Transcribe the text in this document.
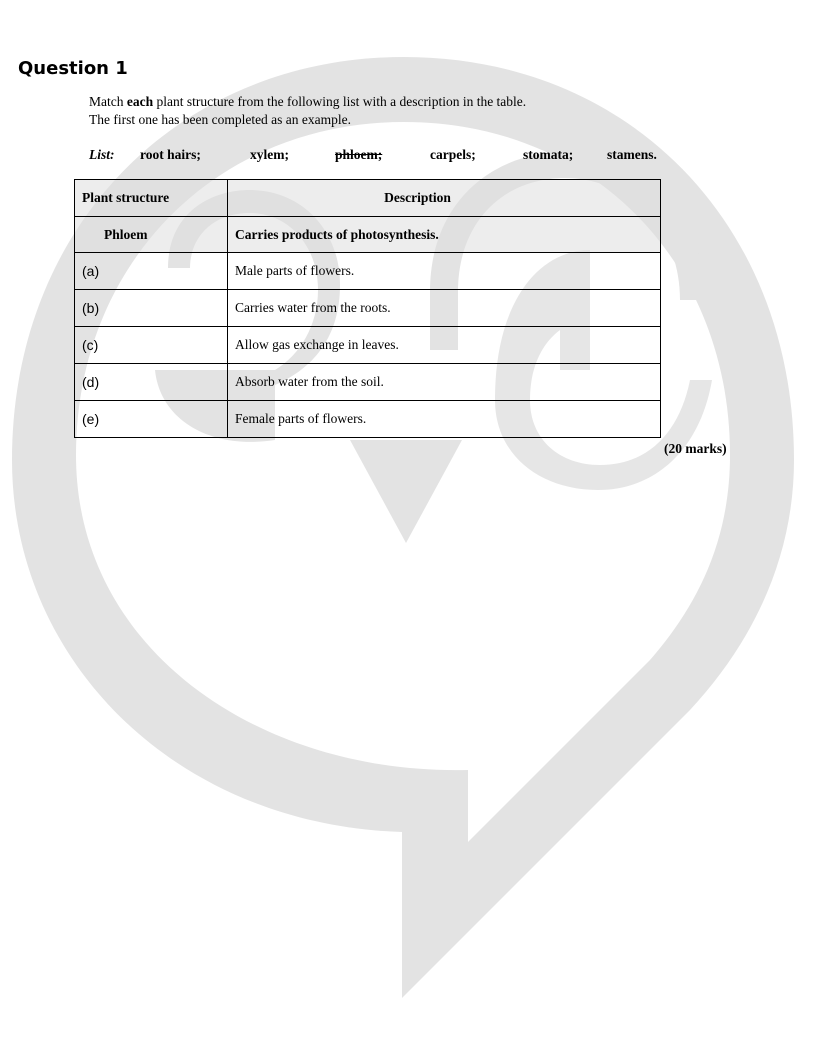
Question 1
Match each plant structure from the following list with a description in the table.
The first one has been completed as an example.
List: root hairs;	xylem;	phloem;	carpels;	stomata;	stamens.
Plant structure	Description
Phloem	Carries products of photosynthesis.
(a)	Male parts of flowers.
(b)	Carries water from the roots.
(c)	Allow gas exchange in leaves.
(d)	Absorb water from the soil.
(e)	Female parts of flowers.
(20 marks)
